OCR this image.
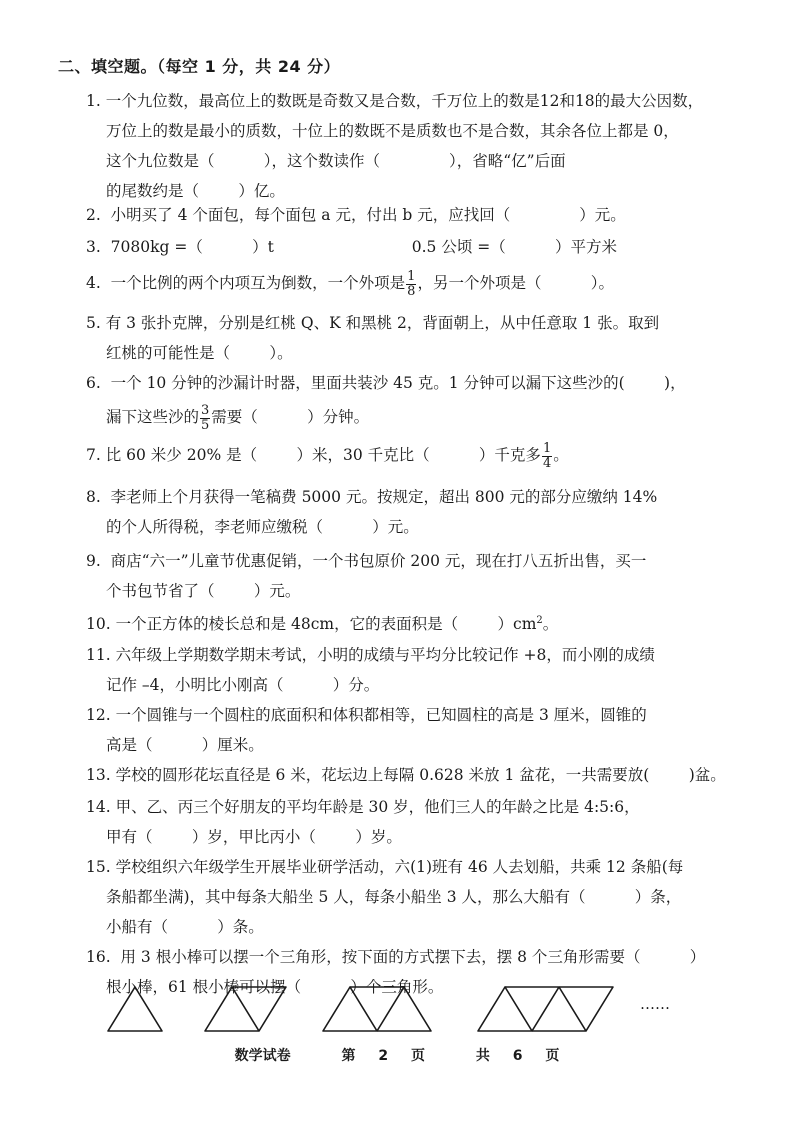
二、填空题。（每空 1 分，共 24 分）
1. 一个九位数，最高位上的数既是奇数又是合数，千万位上的数是12和18的最大公因数，
万位上的数是最小的质数，十位上的数既不是质数也不是合数，其余各位上都是 0，
这个九位数是（          ），这个数读作（              ），省略“亿”后面
的尾数约是（        ）亿。
2.  小明买了 4 个面包，每个面包 a 元，付出 b 元，应找回（              ）元。
3.  7080kg =（          ）t                            0.5 公顷 =（          ）平方米
4.  一个比例的两个内项互为倒数，一个外项是 $\frac{1}{8}$ ，另一个外项是（          ）。
5. 有 3 张扑克牌，分别是红桃 Q、K 和黑桃 2，背面朝上，从中任意取 1 张。取到
红桃的可能性是（        ）。
6.  一个 10 分钟的沙漏计时器，里面共装沙 45 克。1 分钟可以漏下这些沙的(        )，
漏下这些沙的 $\frac{3}{5}$ 需要（          ）分钟。
7. 比 60 米少 20% 是（        ）米，30 千克比（          ）千克多 $\frac{1}{4}$ 。
8.  李老师上个月获得一笔稿费 5000 元。按规定，超出 800 元的部分应缴纳 14%
的个人所得税，李老师应缴税（          ）元。
9.  商店“六一”儿童节优惠促销，一个书包原价 200 元，现在打八五折出售，买一
个书包节省了（        ）元。
10. 一个正方体的棱长总和是 48cm，它的表面积是（        ）$cm^2$。
11. 六年级上学期数学期末考试，小明的成绩与平均分比较记作 +8，而小刚的成绩
记作 –4，小明比小刚高（          ）分。
12. 一个圆锥与一个圆柱的底面积和体积都相等，已知圆柱的高是 3 厘米，圆锥的
高是（          ）厘米。
13. 学校的圆形花坛直径是 6 米，花坛边上每隔 0.628 米放 1 盆花，一共需要放(        )盆。
14. 甲、乙、丙三个好朋友的平均年龄是 30 岁，他们三人的年龄之比是 4:5:6，
甲有（        ）岁，甲比丙小（        ）岁。
15. 学校组织六年级学生开展毕业研学活动，六(1)班有 46 人去划船，共乘 12 条船(每
条船都坐满)，其中每条大船坐 5 人，每条小船坐 3 人，那么大船有（          ）条，
小船有（          ）条。
16.  用 3 根小棒可以摆一个三角形，按下面的方式摆下去，摆 8 个三角形需要（          ）
根小棒，61 根小棒可以摆（          ）个三角形。
……
数学试卷	第 2 页	共 6 页
